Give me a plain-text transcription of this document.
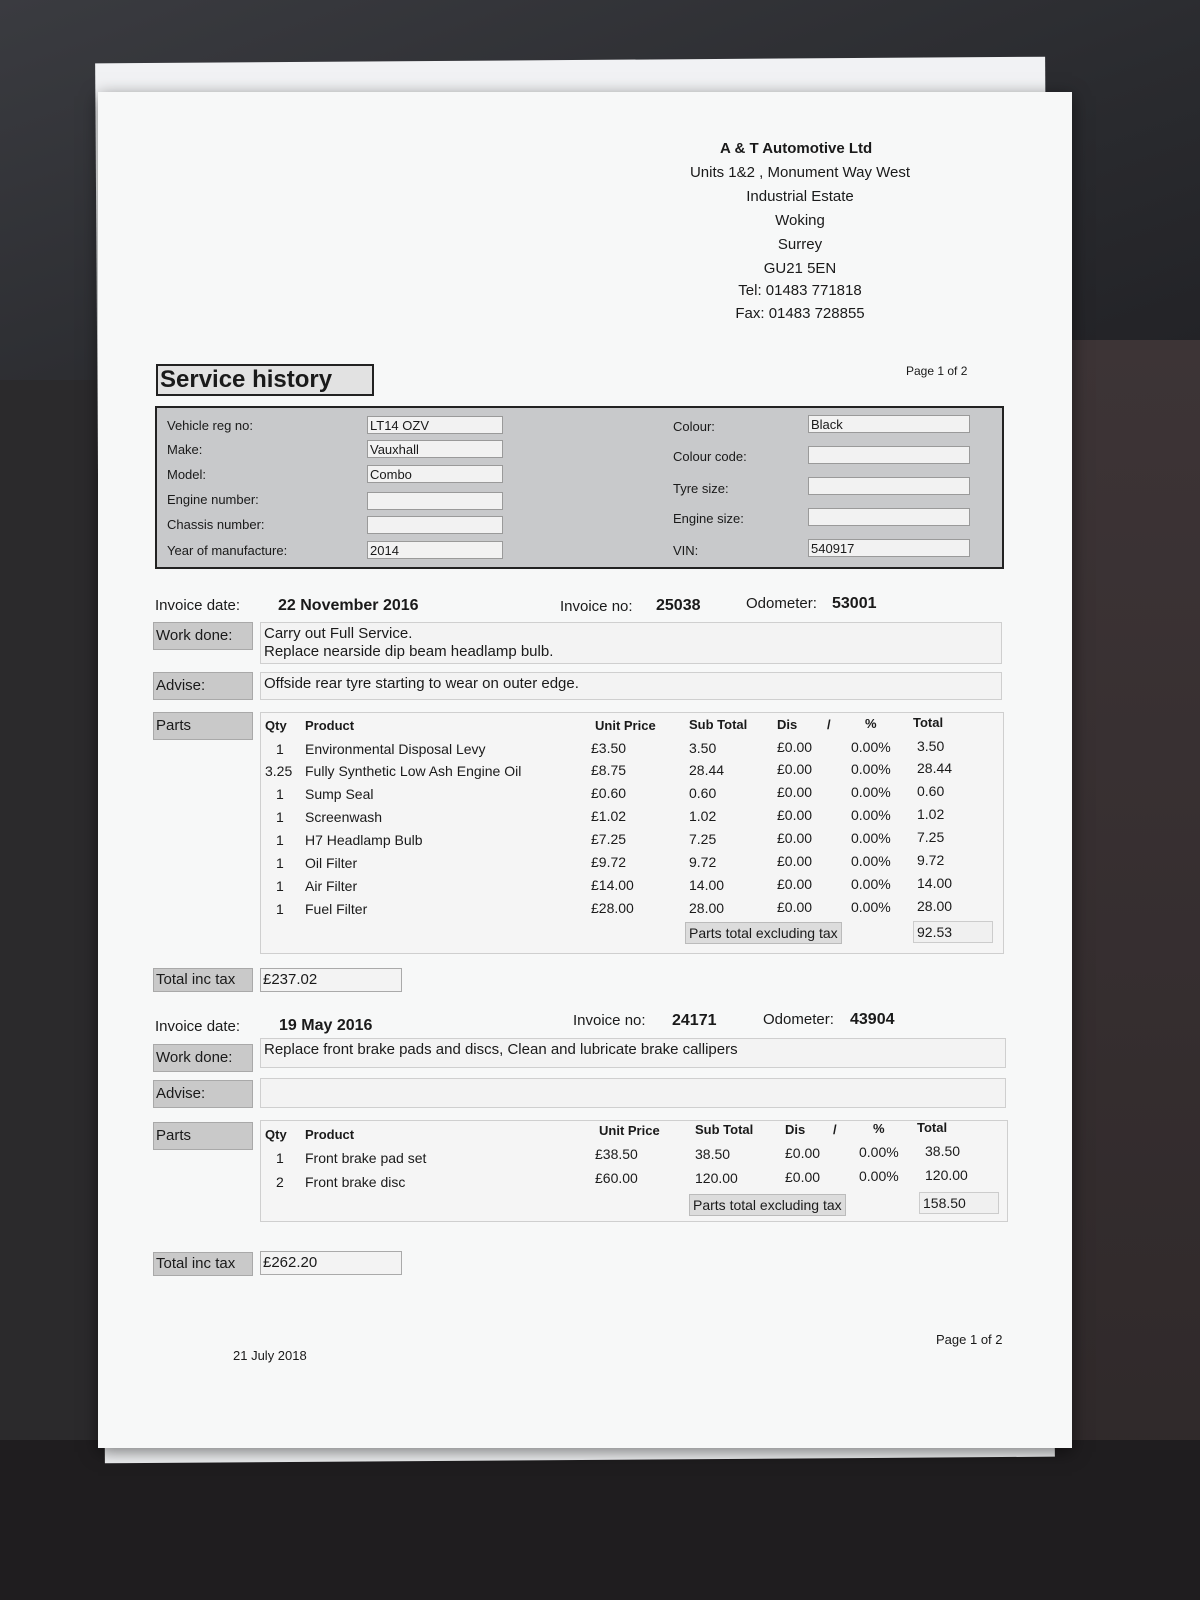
A & T Automotive Ltd
Units 1&2 , Monument Way West
Industrial Estate
Woking
Surrey
GU21 5EN
Tel: 01483 771818
Fax: 01483 728855
Service history	Page 1 of 2
Vehicle reg no:	LT14 OZV
Make:	Vauxhall
Model:	Combo
Engine number:
Chassis number:
Year of manufacture:	2014
Colour:	Black
Colour code:
Tyre size:
Engine size:
VIN:	540917
Invoice date: 22 November 2016	Invoice no: 25038	Odometer: 53001
Work done:	Carry out Full Service.
Replace nearside dip beam headlamp bulb.
Advise:	Offside rear tyre starting to wear on outer edge.
Parts	Qty Product	Unit Price	Sub Total Dis /	%	Total
1 Environmental Disposal Levy	£3.50	3.50	£0.00	0.00% 3.50
3.25 Fully Synthetic Low Ash Engine Oil	£8.75	28.44	£0.00	0.00% 28.44
1 Sump Seal	£0.60	0.60	£0.00	0.00% 0.60
1 Screenwash	£1.02	1.02	£0.00	0.00% 1.02
1 H7 Headlamp Bulb	£7.25	7.25	£0.00	0.00% 7.25
1 Oil Filter	£9.72	9.72	£0.00	0.00% 9.72
1 Air Filter	£14.00	14.00	£0.00	0.00% 14.00
1 Fuel Filter	£28.00	28.00	£0.00	0.00% 28.00
Parts total excluding tax	92.53
Total inc tax	£237.02
Invoice date: 19 May 2016	Invoice no: 24171	Odometer: 43904
Work done:	Replace front brake pads and discs, Clean and lubricate brake callipers
Advise:
Parts	Qty Product	Unit Price	Sub Total Dis /	% Total
1 Front brake pad set	£38.50	38.50	£0.00	0.00% 38.50
2 Front brake disc	£60.00	120.00	£0.00	0.00% 120.00
Parts total excluding tax	158.50
Total inc tax	£262.20
21 July 2018
Page 1 of 2
